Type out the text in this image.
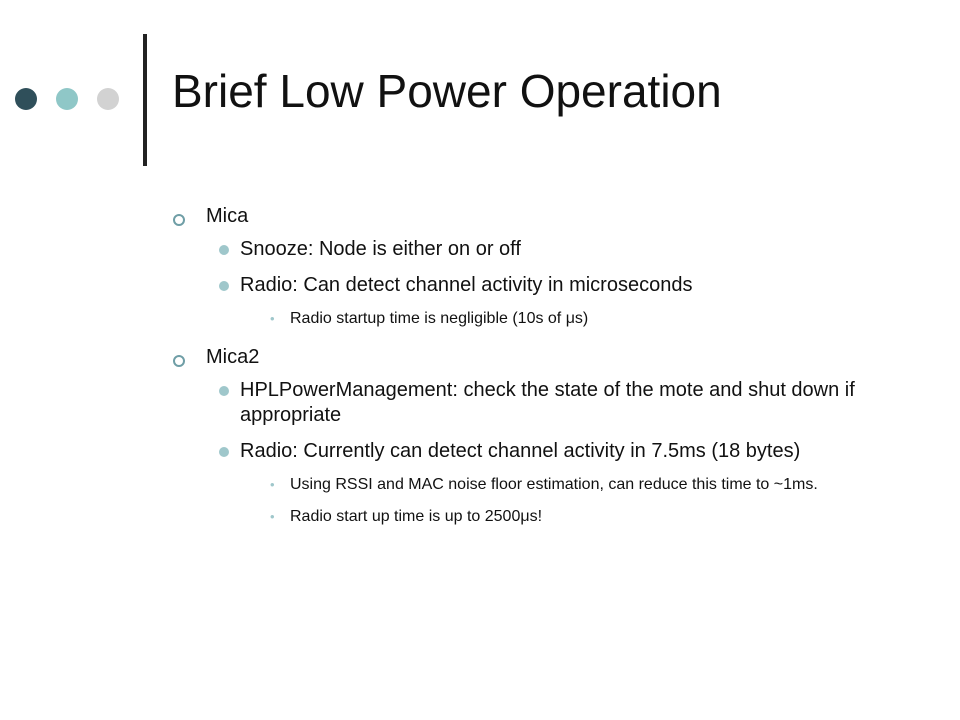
Brief Low Power Operation
Mica
Snooze: Node is either on or off
Radio: Can detect channel activity in microseconds
• Radio startup time is negligible (10s of μs)
Mica2
HPLPowerManagement: check the state of the mote and shut down if appropriate
Radio: Currently can detect channel activity in 7.5ms (18 bytes)
• Using RSSI and MAC noise floor estimation, can reduce this time to ~1ms.
• Radio start up time is up to 2500μs!
